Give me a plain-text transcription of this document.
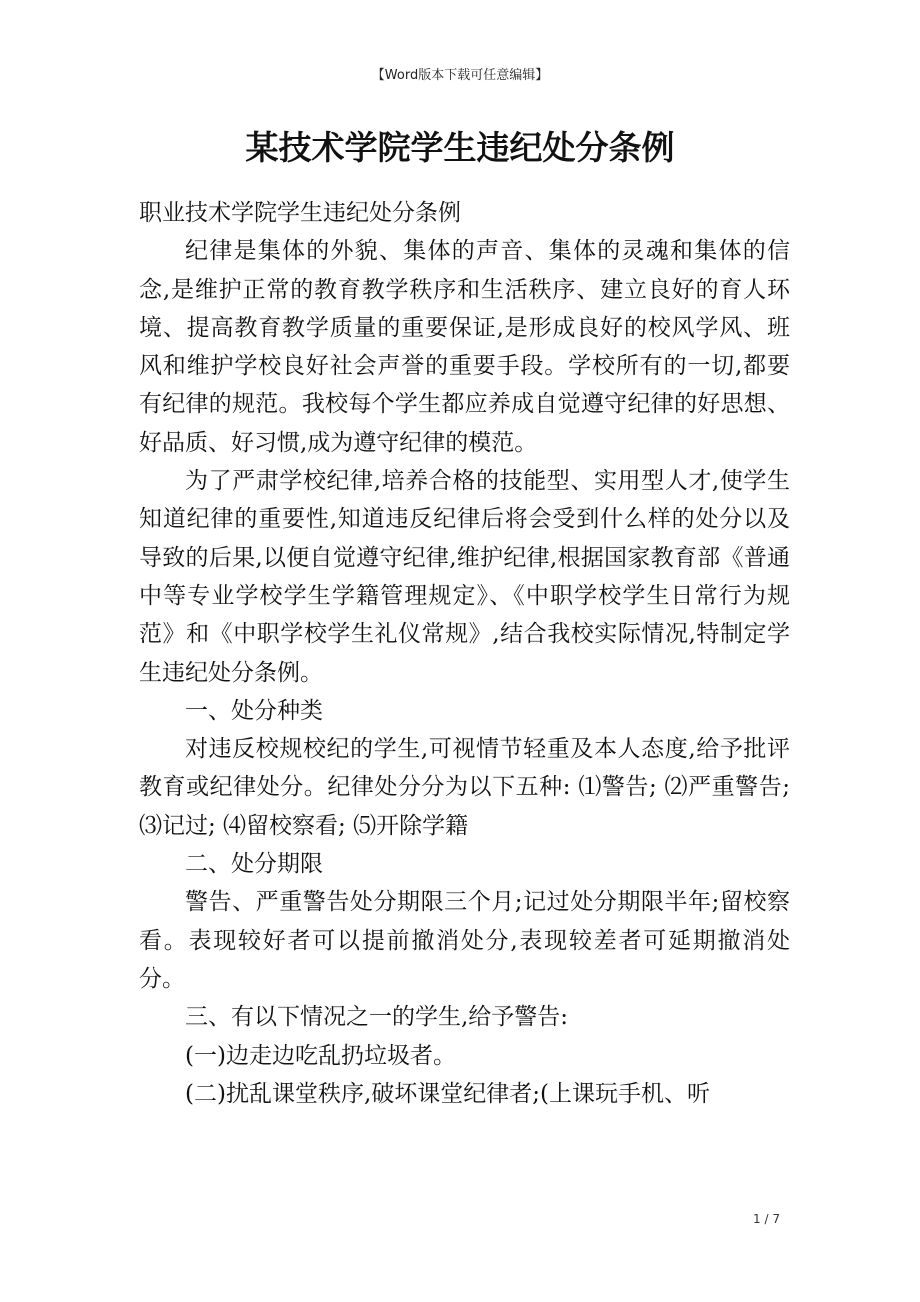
【Word版本下载可任意编辑】
某技术学院学生违纪处分条例

职业技术学院学生违纪处分条例

纪律是集体的外貌、集体的声音、集体的灵魂和集体的信念,是维护正常的教育教学秩序和生活秩序、建立良好的育人环境、提高教育教学质量的重要保证,是形成良好的校风学风、班风和维护学校良好社会声誉的重要手段。学校所有的一切,都要有纪律的规范。我校每个学生都应养成自觉遵守纪律的好思想、好品质、好习惯,成为遵守纪律的模范。

为了严肃学校纪律,培养合格的技能型、实用型人才,使学生知道纪律的重要性,知道违反纪律后将会受到什么样的处分以及导致的后果,以便自觉遵守纪律,维护纪律,根据国家教育部《普通中等专业学校学生学籍管理规定》、《中职学校学生日常行为规范》和《中职学校学生礼仪常规》,结合我校实际情况,特制定学生违纪处分条例。

一、处分种类

对违反校规校纪的学生,可视情节轻重及本人态度,给予批评教育或纪律处分。纪律处分分为以下五种: ⑴警告; ⑵严重警告; ⑶记过; ⑷留校察看; ⑸开除学籍

二、处分期限

警告、严重警告处分期限三个月;记过处分期限半年;留校察看。表现较好者可以提前撤消处分,表现较差者可延期撤消处分。

三、有以下情况之一的学生,给予警告:

(一)边走边吃乱扔垃圾者。

(二)扰乱课堂秩序,破坏课堂纪律者;(上课玩手机、听

1 / 7
